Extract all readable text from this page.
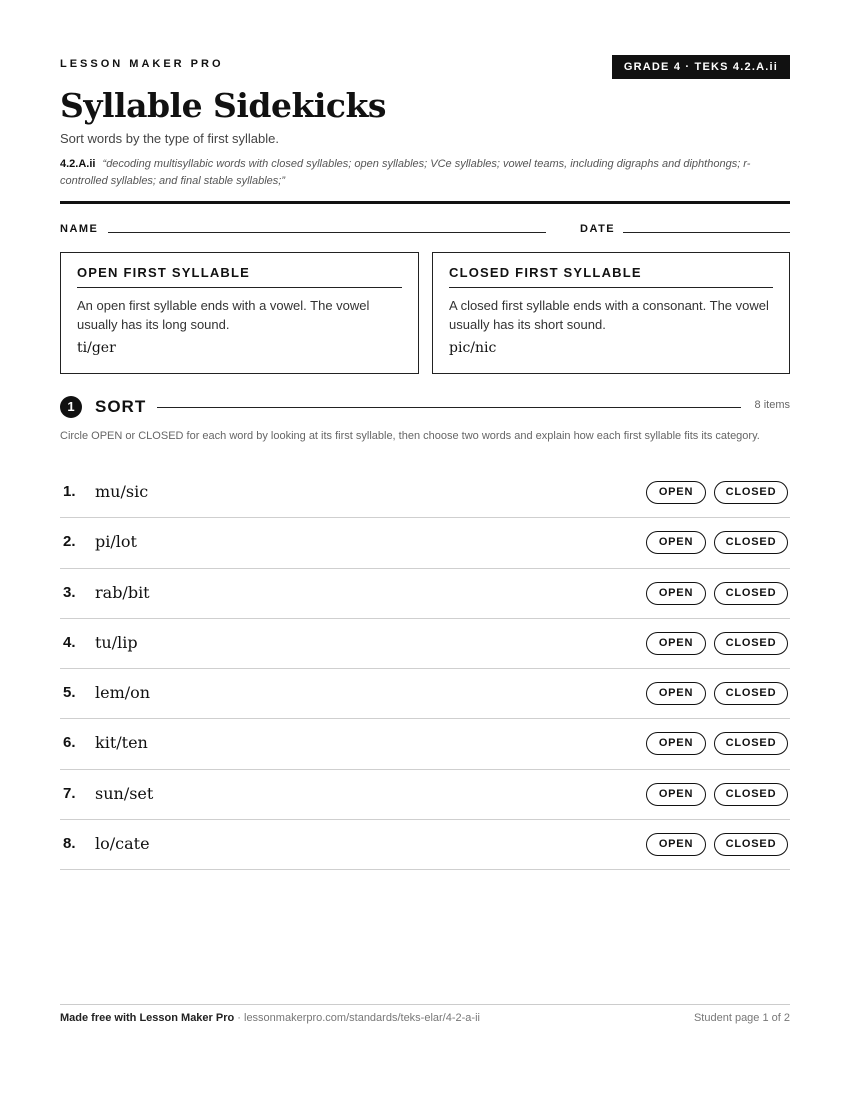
LESSON MAKER PRO	GRADE 4 · TEKS 4.2.A.ii
Syllable Sidekicks
Sort words by the type of first syllable.
4.2.A.ii “decoding multisyllabic words with closed syllables; open syllables; VCe syllables; vowel teams, including digraphs and diphthongs; r-controlled syllables; and final stable syllables;”
NAME	DATE
OPEN FIRST SYLLABLE
An open first syllable ends with a vowel. The vowel usually has its long sound.
ti/ger
CLOSED FIRST SYLLABLE
A closed first syllable ends with a consonant. The vowel usually has its short sound.
pic/nic
1	SORT	8 items
Circle OPEN or CLOSED for each word by looking at its first syllable, then choose two words and explain how each first syllable fits its category.
1. mu/sic	OPEN	CLOSED
2. pi/lot	OPEN	CLOSED
3. rab/bit	OPEN	CLOSED
4. tu/lip	OPEN	CLOSED
5. lem/on	OPEN	CLOSED
6. kit/ten	OPEN	CLOSED
7. sun/set	OPEN	CLOSED
8. lo/cate	OPEN	CLOSED
Made free with Lesson Maker Pro · lessonmakerpro.com/standards/teks-elar/4-2-a-ii	Student page 1 of 2
